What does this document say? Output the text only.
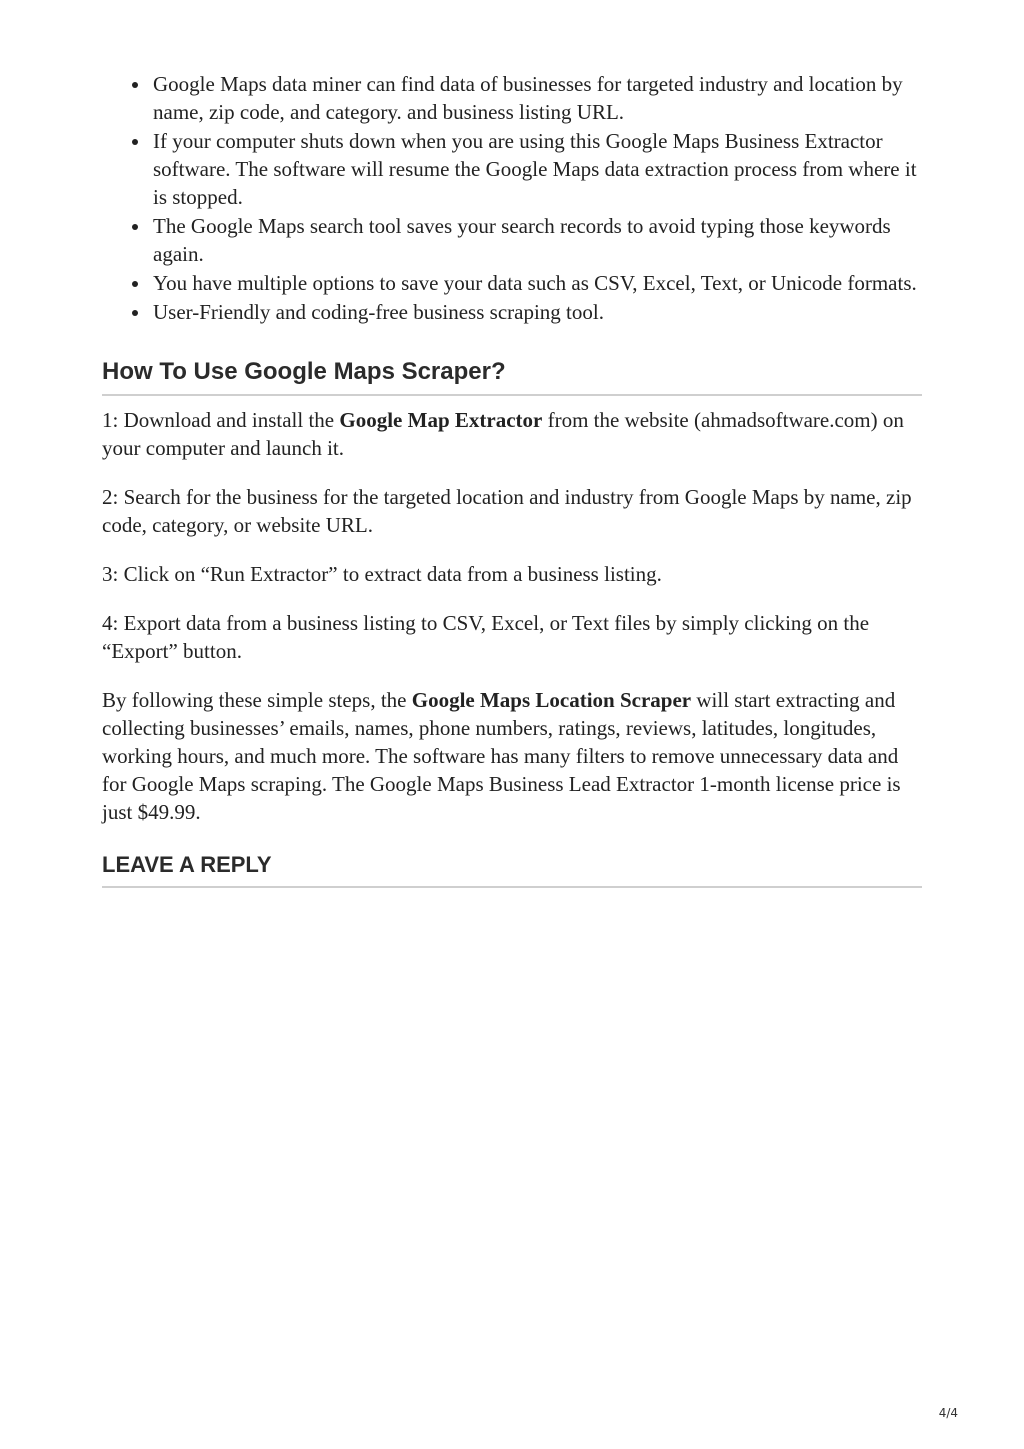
Google Maps data miner can find data of businesses for targeted industry and location by name, zip code, and category. and business listing URL.
If your computer shuts down when you are using this Google Maps Business Extractor software. The software will resume the Google Maps data extraction process from where it is stopped.
The Google Maps search tool saves your search records to avoid typing those keywords again.
You have multiple options to save your data such as CSV, Excel, Text, or Unicode formats.
User-Friendly and coding-free business scraping tool.
How To Use Google Maps Scraper?

1: Download and install the Google Map Extractor from the website (ahmadsoftware.com) on your computer and launch it.

2: Search for the business for the targeted location and industry from Google Maps by name, zip code, category, or website URL.

3: Click on “Run Extractor” to extract data from a business listing.

4: Export data from a business listing to CSV, Excel, or Text files by simply clicking on the “Export” button.

By following these simple steps, the Google Maps Location Scraper will start extracting and collecting businesses’ emails, names, phone numbers, ratings, reviews, latitudes, longitudes, working hours, and much more. The software has many filters to remove unnecessary data and for Google Maps scraping. The Google Maps Business Lead Extractor 1-month license price is just $49.99.

LEAVE A REPLY
4/4
